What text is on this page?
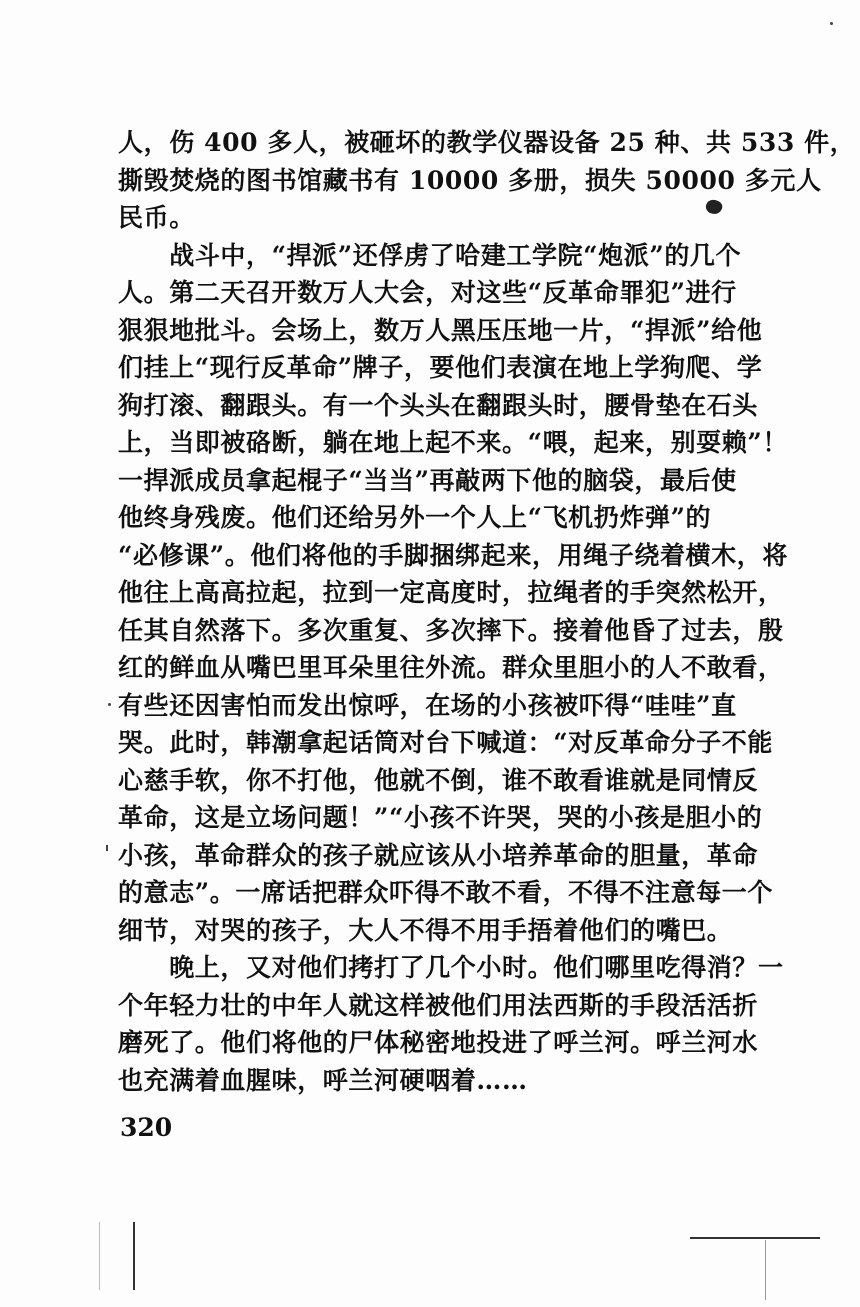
人，伤 400 多人，被砸坏的教学仪器设备 25 种、共 533 件，
撕毁焚烧的图书馆藏书有 10000 多册，损失 50000 多元人
民币。
　　战斗中，“捍派”还俘虏了哈建工学院“炮派”的几个
人。第二天召开数万人大会，对这些“反革命罪犯”进行
狠狠地批斗。会场上，数万人黑压压地一片，“捍派”给他
们挂上“现行反革命”牌子，要他们表演在地上学狗爬、学
狗打滚、翻跟头。有一个头头在翻跟头时，腰骨垫在石头
上，当即被硌断，躺在地上起不来。“喂，起来，别耍赖”！
一捍派成员拿起棍子“当当”再敲两下他的脑袋，最后使
他终身残废。他们还给另外一个人上“飞机扔炸弹”的
“必修课”。他们将他的手脚捆绑起来，用绳子绕着横木，将
他往上高高拉起，拉到一定高度时，拉绳者的手突然松开，
任其自然落下。多次重复、多次摔下。接着他昏了过去，殷
红的鲜血从嘴巴里耳朵里往外流。群众里胆小的人不敢看，
有些还因害怕而发出惊呼，在场的小孩被吓得“哇哇”直
哭。此时，韩潮拿起话筒对台下喊道：“对反革命分子不能
心慈手软，你不打他，他就不倒，谁不敢看谁就是同情反
革命，这是立场问题！”“小孩不许哭，哭的小孩是胆小的
小孩，革命群众的孩子就应该从小培养革命的胆量，革命
的意志”。一席话把群众吓得不敢不看，不得不注意每一个
细节，对哭的孩子，大人不得不用手捂着他们的嘴巴。
　　晚上，又对他们拷打了几个小时。他们哪里吃得消？一
个年轻力壮的中年人就这样被他们用法西斯的手段活活折
磨死了。他们将他的尸体秘密地投进了呼兰河。呼兰河水
也充满着血腥味，呼兰河硬咽着……
320
